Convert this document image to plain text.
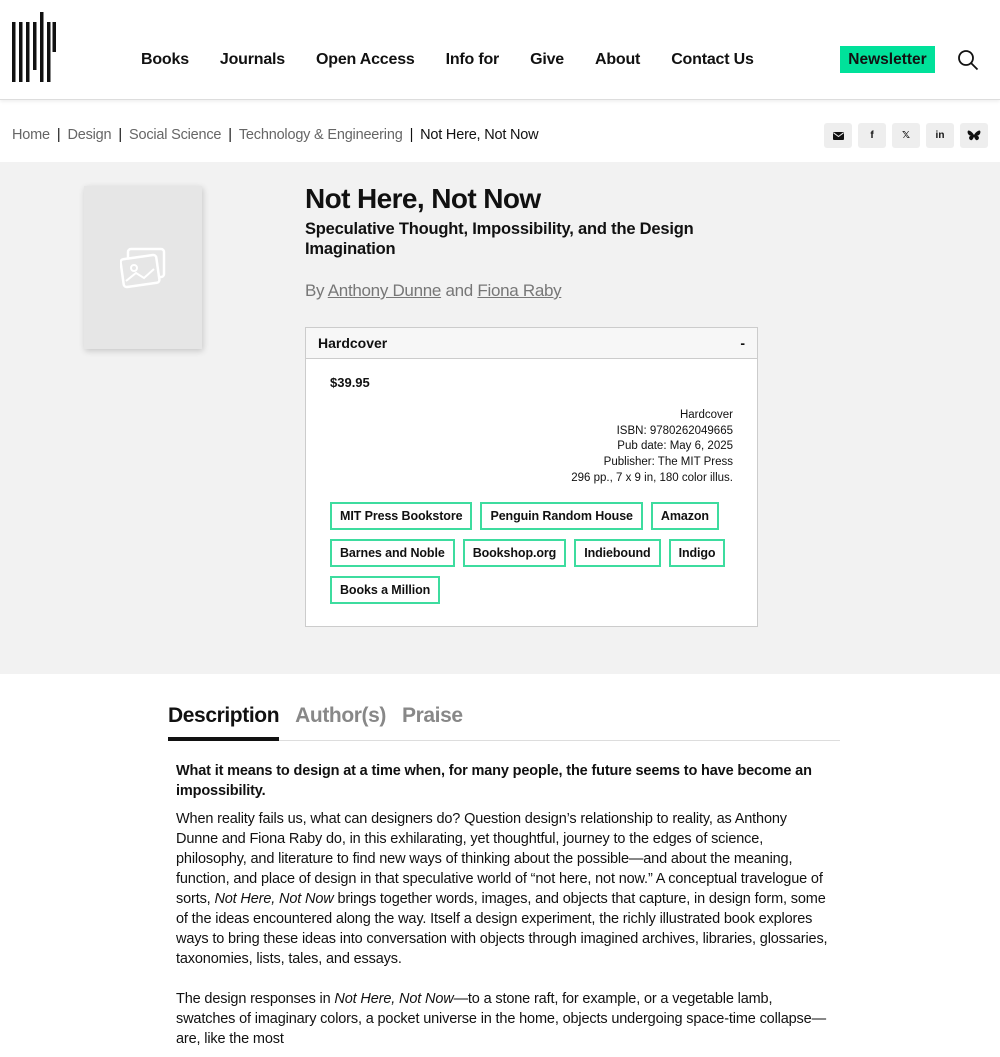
Books Journals Open Access Info for Give About Contact Us	Newsletter
Home | Design | Social Science | Technology & Engineering | Not Here, Not Now	f	𝕏	in
Not Here, Not Now
Speculative Thought, Impossibility, and the Design Imagination
By Anthony Dunne and Fiona Raby
Hardcover	-
$39.95
Hardcover
ISBN: 9780262049665
Pub date: May 6, 2025
Publisher: The MIT Press
296 pp., 7 x 9 in, 180 color illus.
MIT Press Bookstore	Penguin Random House	Amazon
Barnes and Noble	Bookshop.org	Indiebound	Indigo
Books a Million
Description Author(s) Praise

What it means to design at a time when, for many people, the future seems to have become an impossibility.

When reality fails us, what can designers do? Question design’s relationship to reality, as Anthony Dunne and Fiona Raby do, in this exhilarating, yet thoughtful, journey to the edges of science, philosophy, and literature to find new ways of thinking about the possible—and about the meaning, function, and place of design in that speculative world of “not here, not now.” A conceptual travelogue of sorts, Not Here, Not Now brings together words, images, and objects that capture, in design form, some of the ideas encountered along the way. Itself a design experiment, the richly illustrated book explores ways to bring these ideas into conversation with objects through imagined archives, libraries, glossaries, taxonomies, lists, tales, and essays.

The design responses in Not Here, Not Now—to a stone raft, for example, or a vegetable lamb, swatches of imaginary colors, a pocket universe in the home, objects undergoing space-time collapse—are, like the most
